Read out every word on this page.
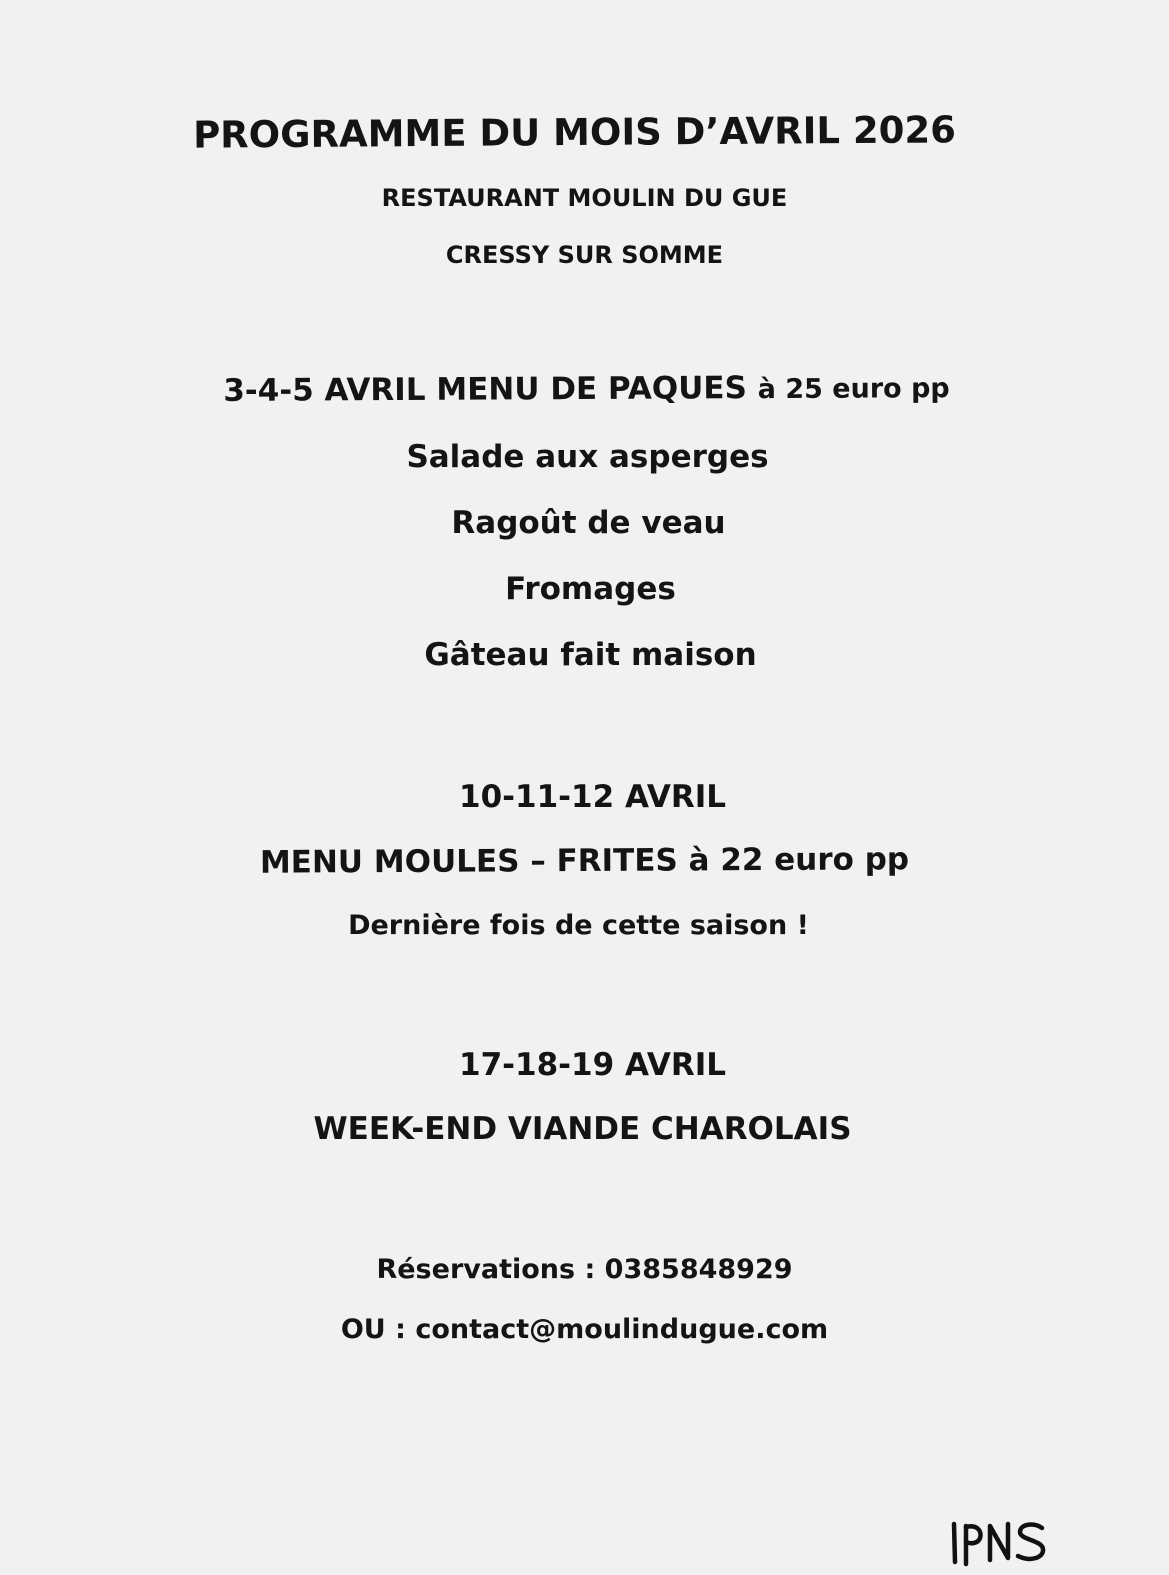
PROGRAMME DU MOIS D’AVRIL 2026
RESTAURANT MOULIN DU GUE
CRESSY SUR SOMME
3-4-5 AVRIL MENU DE PAQUES à 25 euro pp
Salade aux asperges
Ragoût de veau
Fromages
Gâteau fait maison
10-11-12 AVRIL
MENU MOULES – FRITES à 22 euro pp
Dernière fois de cette saison !
17-18-19 AVRIL
WEEK-END VIANDE CHAROLAIS
Réservations : 0385848929
OU : contact@moulindugue.com
